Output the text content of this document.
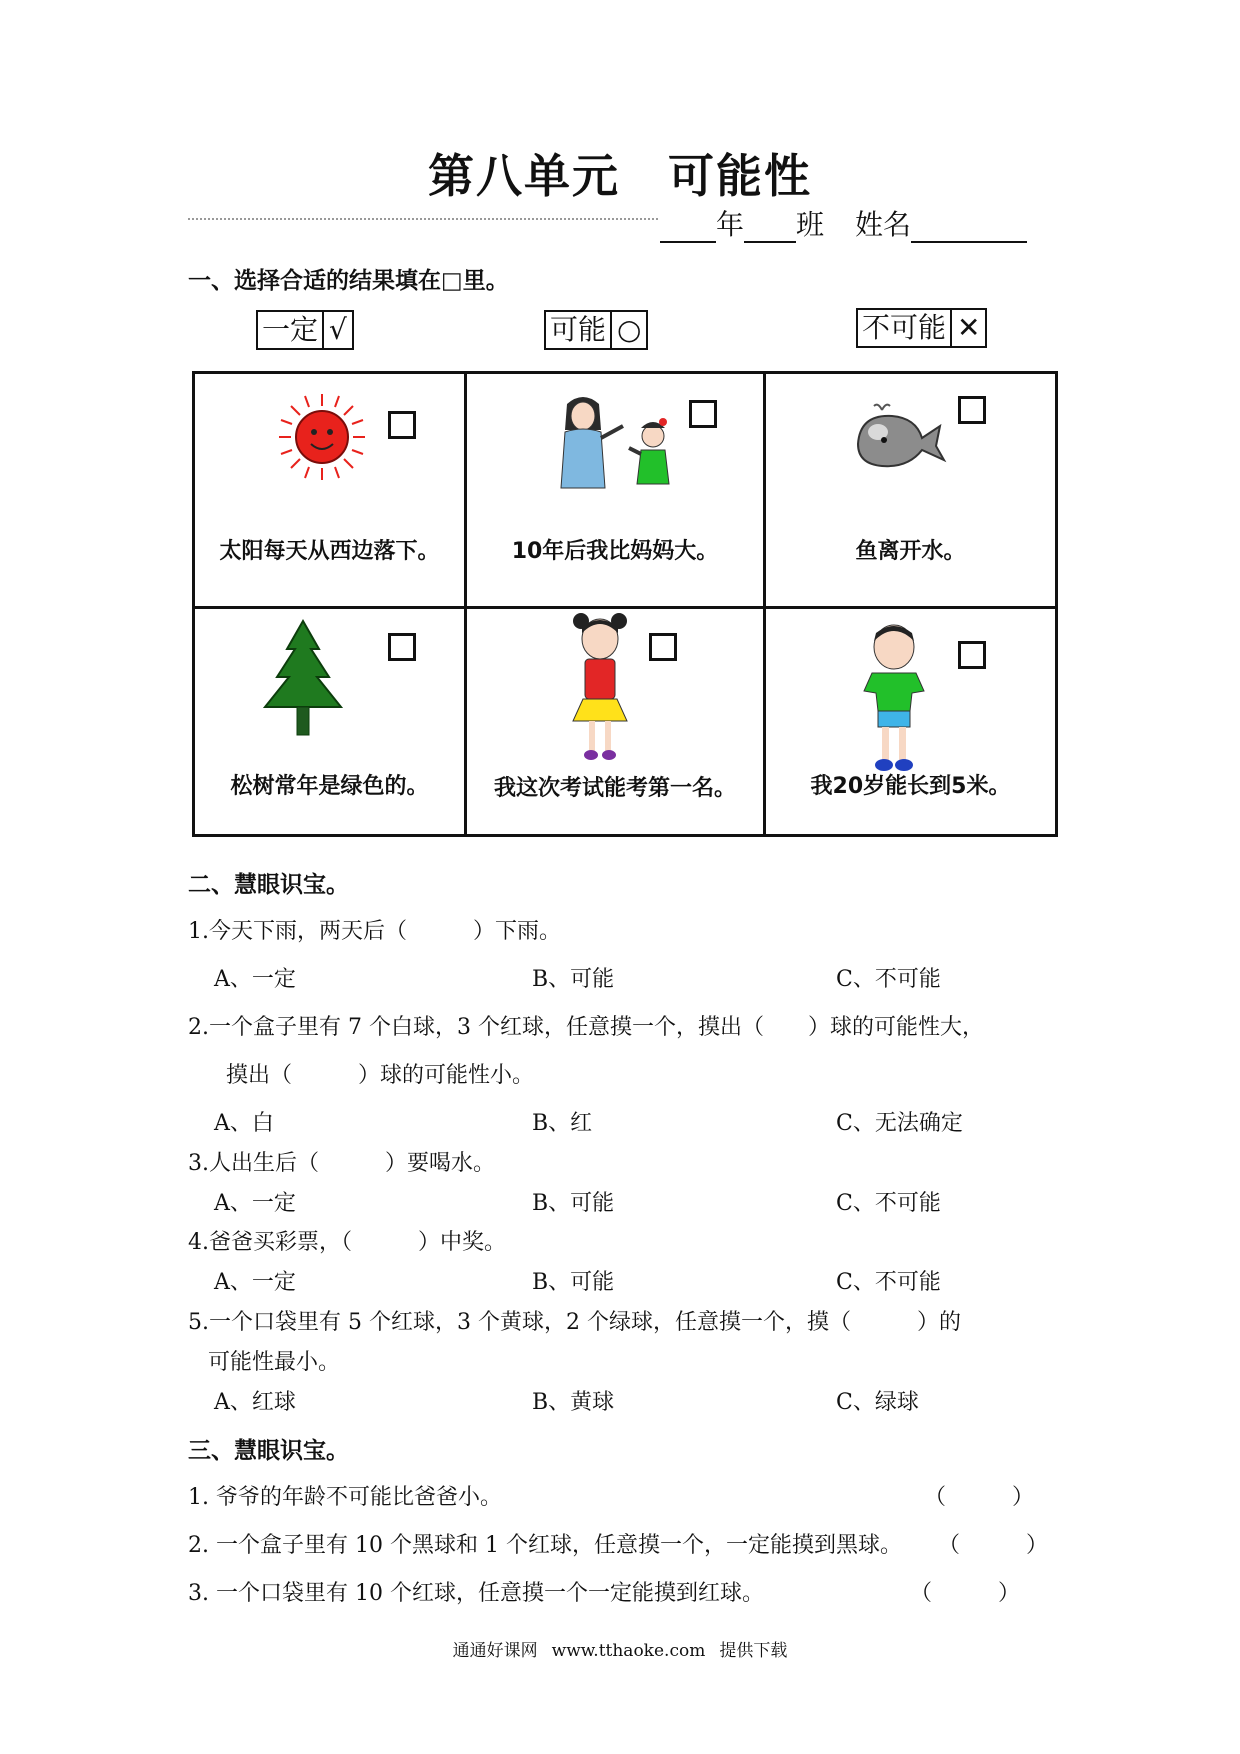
第八单元 可能性
年 班 姓名
一、选择合适的结果填在□里。
一定 √	可能 ○	不可能 ✕
太阳每天从西边落下。	10年后我比妈妈大。	鱼离开水。
松树常年是绿色的。	我这次考试能考第一名。	我20岁能长到5米。
二、慧眼识宝。
1.今天下雨，两天后（　　　）下雨。
A、一定	B、可能	C、不可能
2.一个盒子里有 7 个白球，3 个红球，任意摸一个，摸出（　　）球的可能性大，
摸出（　　　）球的可能性小。
A、白	B、红	C、无法确定
3.人出生后（　　　）要喝水。
A、一定	B、可能	C、不可能
4.爸爸买彩票，（　　　）中奖。
A、一定	B、可能	C、不可能
5.一个口袋里有 5 个红球，3 个黄球，2 个绿球，任意摸一个，摸（　　　）的
可能性最小。
A、红球	B、黄球	C、绿球
三、慧眼识宝。
1. 爷爷的年龄不可能比爸爸小。	（　　　）
2. 一个盒子里有 10 个黑球和 1 个红球，任意摸一个，一定能摸到黑球。 （　　　）
3. 一个口袋里有 10 个红球，任意摸一个一定能摸到红球。	（　　　）
通通好课网 www.tthaoke.com 提供下载
